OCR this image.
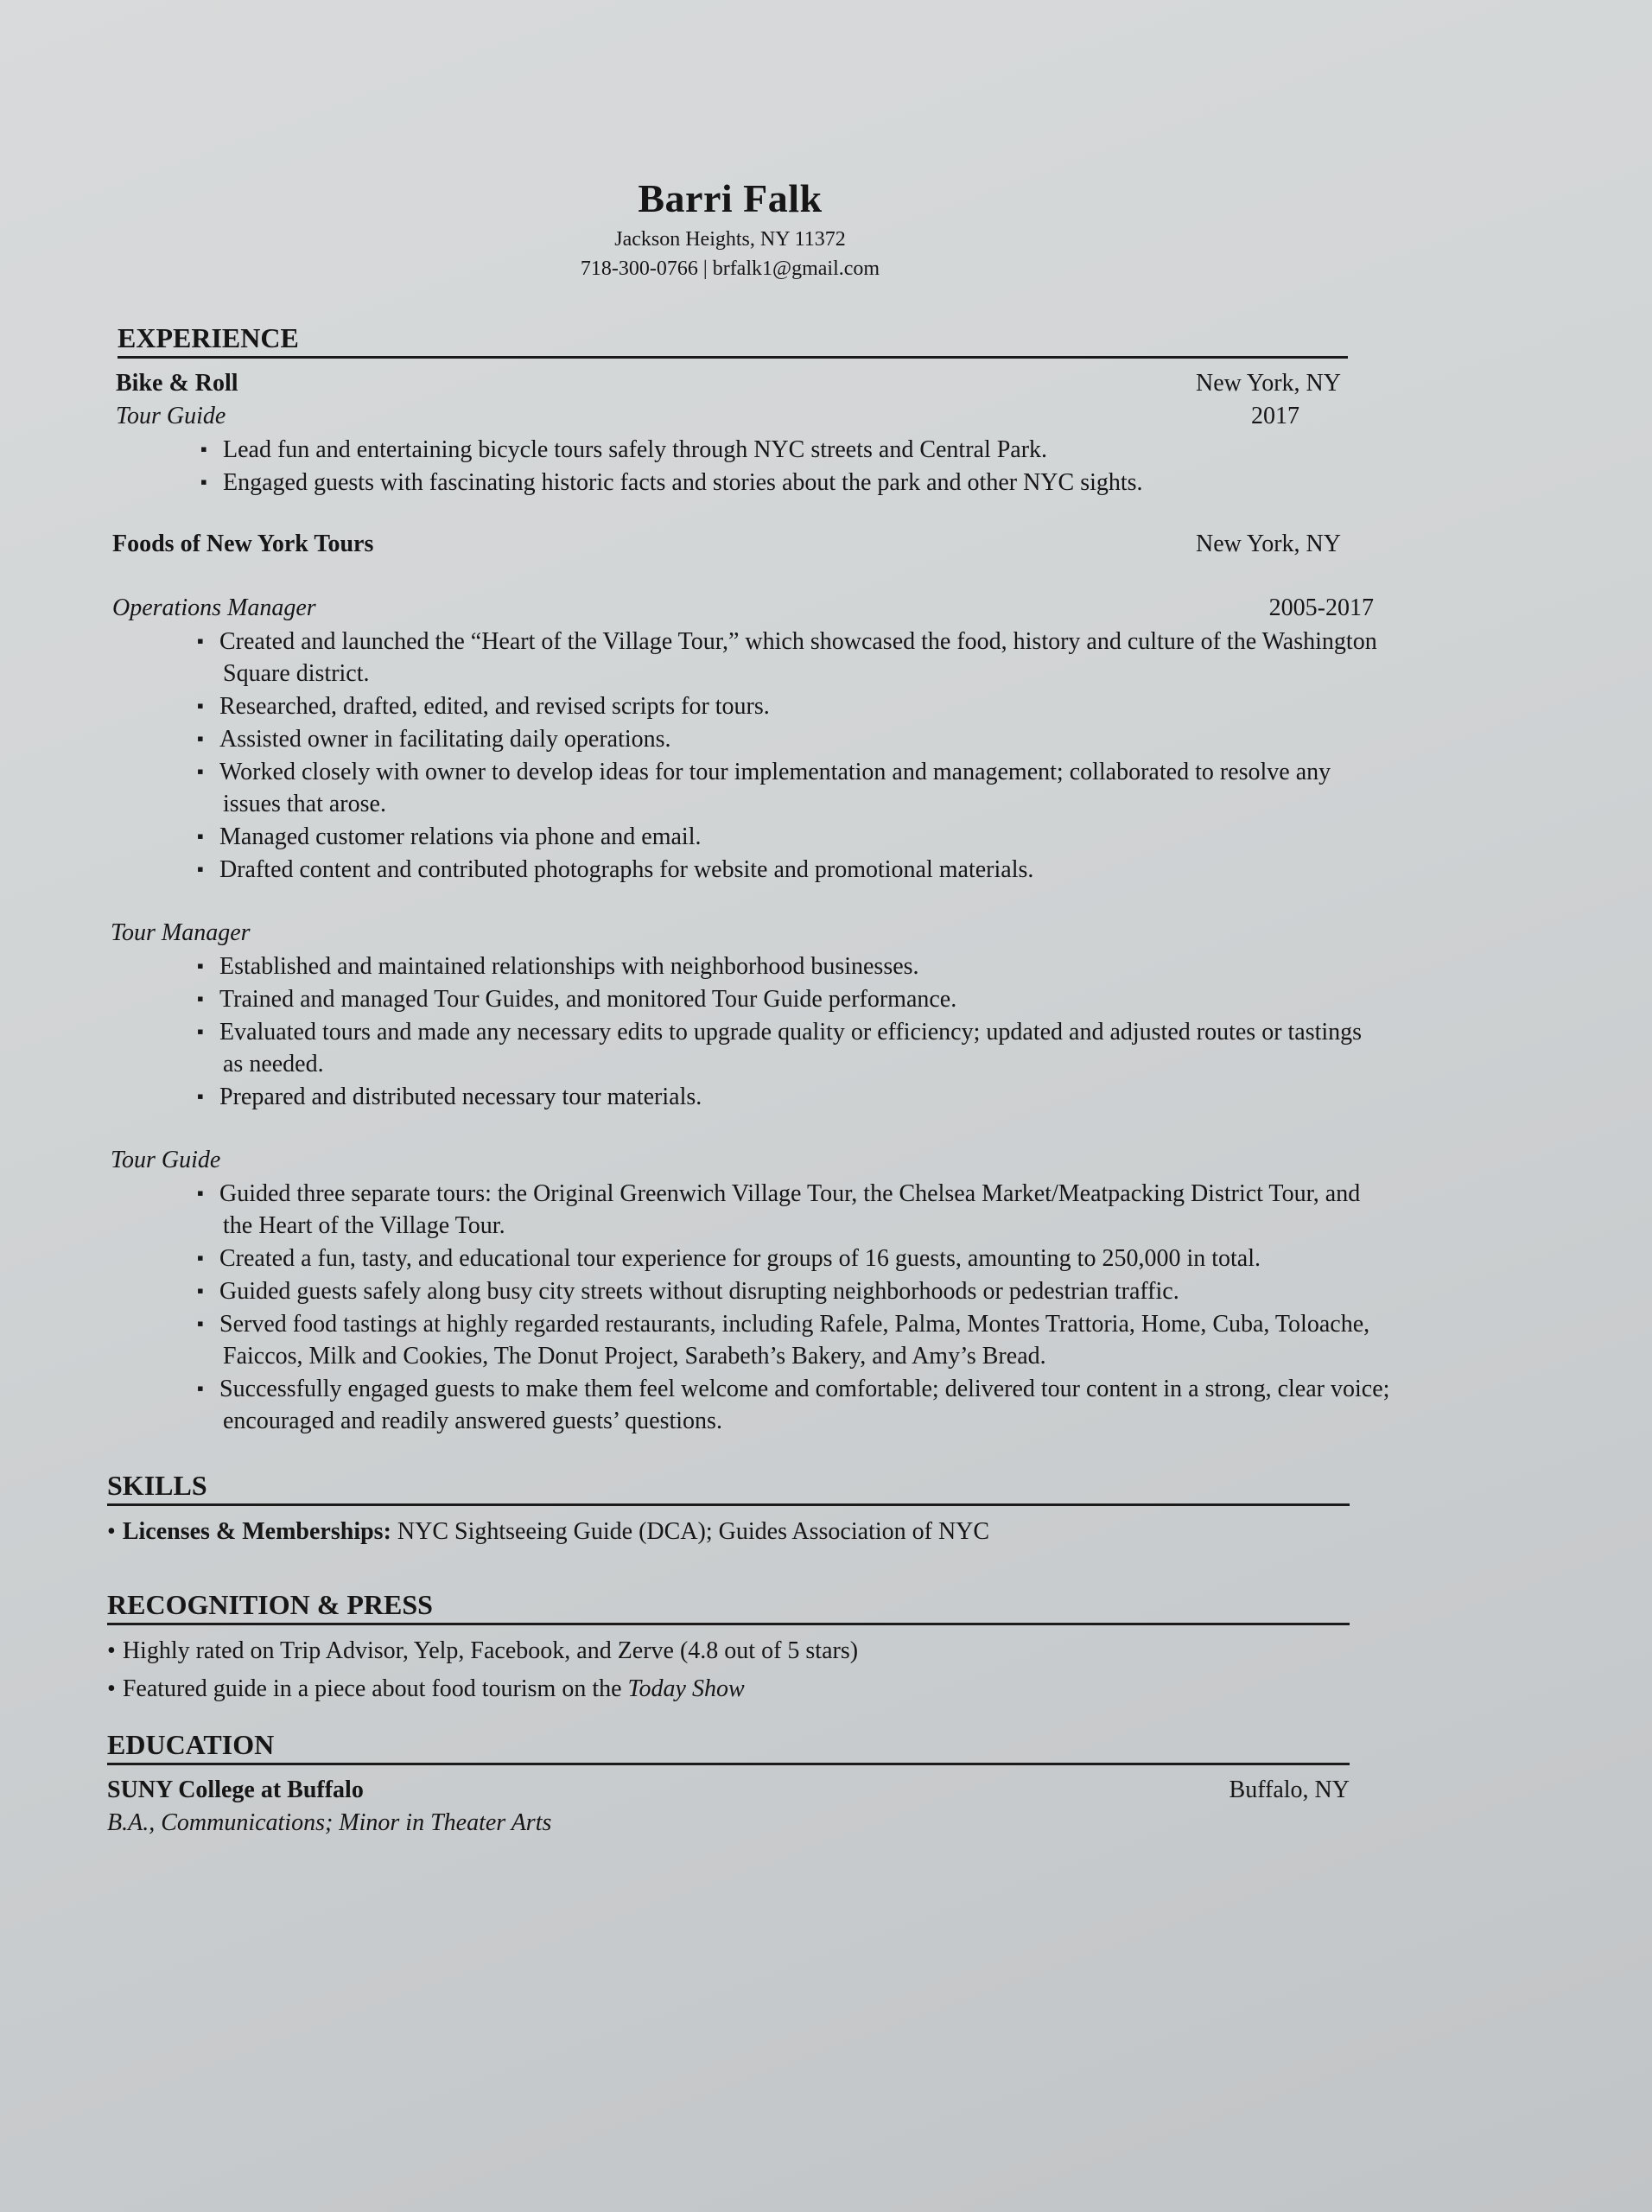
Barri Falk
Jackson Heights, NY 11372
718-300-0766 | brfalk1@gmail.com
EXPERIENCE
Bike & Roll	New York, NY
Tour Guide	2017
▪ Lead fun and entertaining bicycle tours safely through NYC streets and Central Park.
▪ Engaged guests with fascinating historic facts and stories about the park and other NYC sights.
Foods of New York Tours	New York, NY
Operations Manager	2005-2017
▪ Created and launched the “Heart of the Village Tour,” which showcased the food, history and culture of the Washington Square district.
▪ Researched, drafted, edited, and revised scripts for tours.
▪ Assisted owner in facilitating daily operations.
▪ Worked closely with owner to develop ideas for tour implementation and management; collaborated to resolve any issues that arose.
▪ Managed customer relations via phone and email.
▪ Drafted content and contributed photographs for website and promotional materials.
Tour Manager
▪ Established and maintained relationships with neighborhood businesses.
▪ Trained and managed Tour Guides, and monitored Tour Guide performance.
▪ Evaluated tours and made any necessary edits to upgrade quality or efficiency; updated and adjusted routes or tastings as needed.
▪ Prepared and distributed necessary tour materials.
Tour Guide
▪ Guided three separate tours: the Original Greenwich Village Tour, the Chelsea Market/Meatpacking District Tour, and the Heart of the Village Tour.
▪ Created a fun, tasty, and educational tour experience for groups of 16 guests, amounting to 250,000 in total.
▪ Guided guests safely along busy city streets without disrupting neighborhoods or pedestrian traffic.
▪ Served food tastings at highly regarded restaurants, including Rafele, Palma, Montes Trattoria, Home, Cuba, Toloache, Faiccos, Milk and Cookies, The Donut Project, Sarabeth’s Bakery, and Amy’s Bread.
▪ Successfully engaged guests to make them feel welcome and comfortable; delivered tour content in a strong, clear voice; encouraged and readily answered guests’ questions.
SKILLS
• Licenses & Memberships: NYC Sightseeing Guide (DCA); Guides Association of NYC
RECOGNITION & PRESS
• Highly rated on Trip Advisor, Yelp, Facebook, and Zerve (4.8 out of 5 stars)
• Featured guide in a piece about food tourism on the Today Show
EDUCATION
SUNY College at Buffalo	Buffalo, NY
B.A., Communications; Minor in Theater Arts
